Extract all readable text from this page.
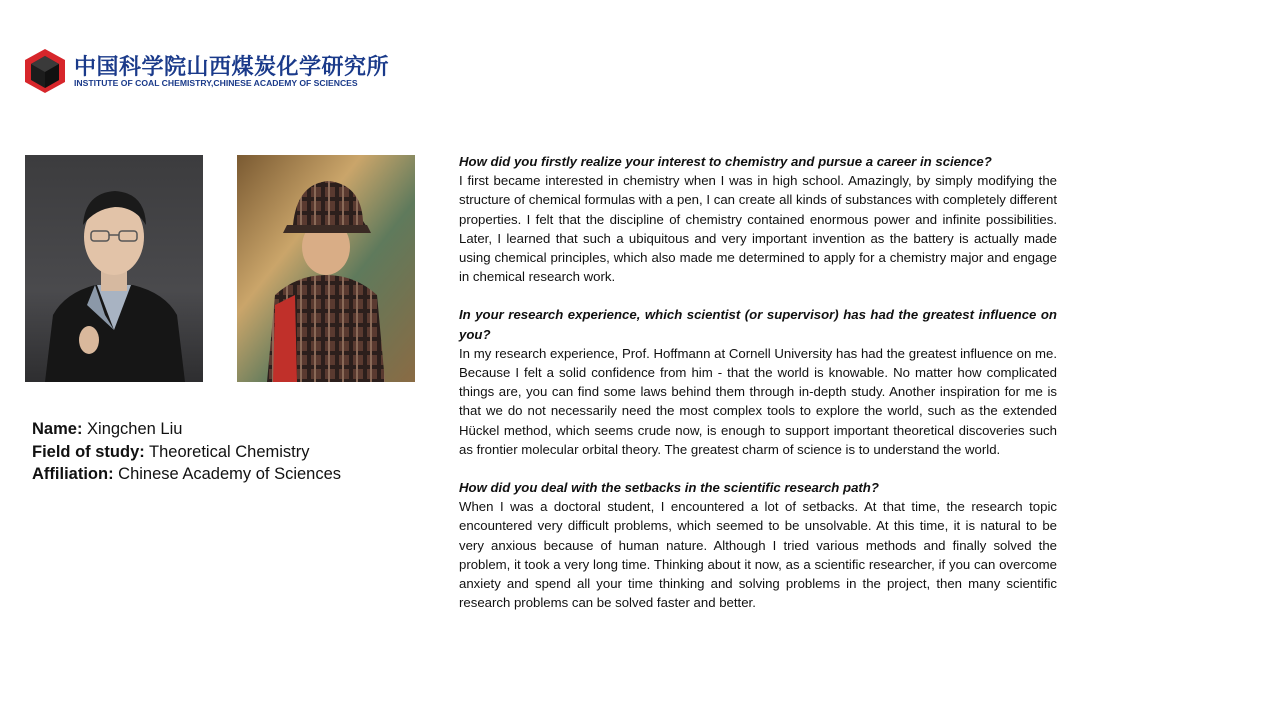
中国科学院山西煤炭化学研究所
INSTITUTE OF COAL CHEMISTRY,CHINESE ACADEMY OF SCIENCES
Name: Xingchen Liu
Field of study: Theoretical Chemistry
Affiliation: Chinese Academy of Sciences

How did you firstly realize your interest to chemistry and pursue a career in science?

I first became interested in chemistry when I was in high school. Amazingly, by simply modifying the structure of chemical formulas with a pen, I can create all kinds of substances with completely different properties. I felt that the discipline of chemistry contained enormous power and infinite possibilities. Later, I learned that such a ubiquitous and very important invention as the battery is actually made using chemical principles, which also made me determined to apply for a chemistry major and engage in chemical research work.

In your research experience, which scientist (or supervisor) has had the greatest influence on you?

In my research experience, Prof. Hoffmann at Cornell University has had the greatest influence on me. Because I felt a solid confidence from him - that the world is knowable. No matter how complicated things are, you can find some laws behind them through in-depth study. Another inspiration for me is that we do not necessarily need the most complex tools to explore the world, such as the extended Hückel method, which seems crude now, is enough to support important theoretical discoveries such as frontier molecular orbital theory. The greatest charm of science is to understand the world.

How did you deal with the setbacks in the scientific research path?

When I was a doctoral student, I encountered a lot of setbacks. At that time, the research topic encountered very difficult problems, which seemed to be unsolvable. At this time, it is natural to be very anxious because of human nature. Although I tried various methods and finally solved the problem, it took a very long time. Thinking about it now, as a scientific researcher, if you can overcome anxiety and spend all your time thinking and solving problems in the project, then many scientific research problems can be solved faster and better.
